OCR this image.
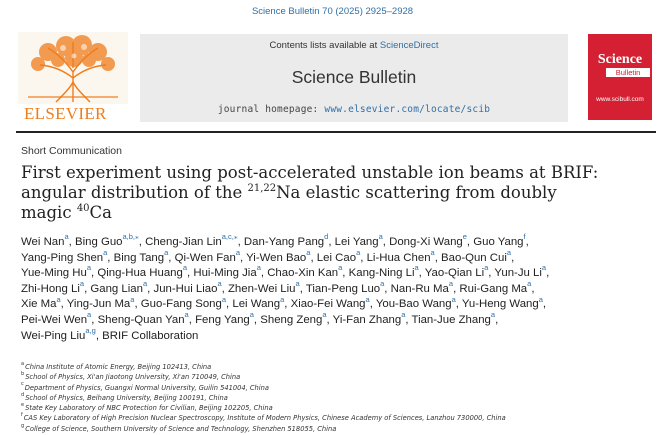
Science Bulletin 70 (2025) 2925–2928
ELSEVIER
Contents lists available at ScienceDirect
Science Bulletin
journal homepage: www.elsevier.com/locate/scib
Science
Bulletin
www.scibull.com
Short Communication
First experiment using post-accelerated unstable ion beams at BRIF:
angular distribution of the $^{21,22}$Na elastic scattering from doubly
magic $^{40}$Ca
Wei Nan$^a$, Bing Guo$^{a,b,⁎}$, Cheng-Jian Lin$^{a,c,⁎}$, Dan-Yang Pang$^d$, Lei Yang$^a$, Dong-Xi Wang$^e$, Guo Yang$^f$,
Yang-Ping Shen$^a$, Bing Tang$^a$, Qi-Wen Fan$^a$, Yi-Wen Bao$^a$, Lei Cao$^a$, Li-Hua Chen$^a$, Bao-Qun Cui$^a$,
Yue-Ming Hu$^a$, Qing-Hua Huang$^a$, Hui-Ming Jia$^a$, Chao-Xin Kan$^a$, Kang-Ning Li$^a$, Yao-Qian Li$^a$, Yun-Ju Li$^a$,
Zhi-Hong Li$^a$, Gang Lian$^a$, Jun-Hui Liao$^a$, Zhen-Wei Liu$^a$, Tian-Peng Luo$^a$, Nan-Ru Ma$^a$, Rui-Gang Ma$^a$,
Xie Ma$^a$, Ying-Jun Ma$^a$, Guo-Fang Song$^a$, Lei Wang$^a$, Xiao-Fei Wang$^a$, You-Bao Wang$^a$, Yu-Heng Wang$^a$,
Pei-Wei Wen$^a$, Sheng-Quan Yan$^a$, Feng Yang$^a$, Sheng Zeng$^a$, Yi-Fan Zhang$^a$, Tian-Jue Zhang$^a$,
Wei-Ping Liu$^{a,g}$, BRIF Collaboration
$^a$China Institute of Atomic Energy, Beijing 102413, China
$^b$School of Physics, Xi'an Jiaotong University, Xi'an 710049, China
$^c$Department of Physics, Guangxi Normal University, Guilin 541004, China
$^d$School of Physics, Beihang University, Beijing 100191, China
$^e$State Key Laboratory of NBC Protection for Civilian, Beijing 102205, China
$^f$CAS Key Laboratory of High Precision Nuclear Spectroscopy, Institute of Modern Physics, Chinese Academy of Sciences, Lanzhou 730000, China
$^g$College of Science, Southern University of Science and Technology, Shenzhen 518055, China
